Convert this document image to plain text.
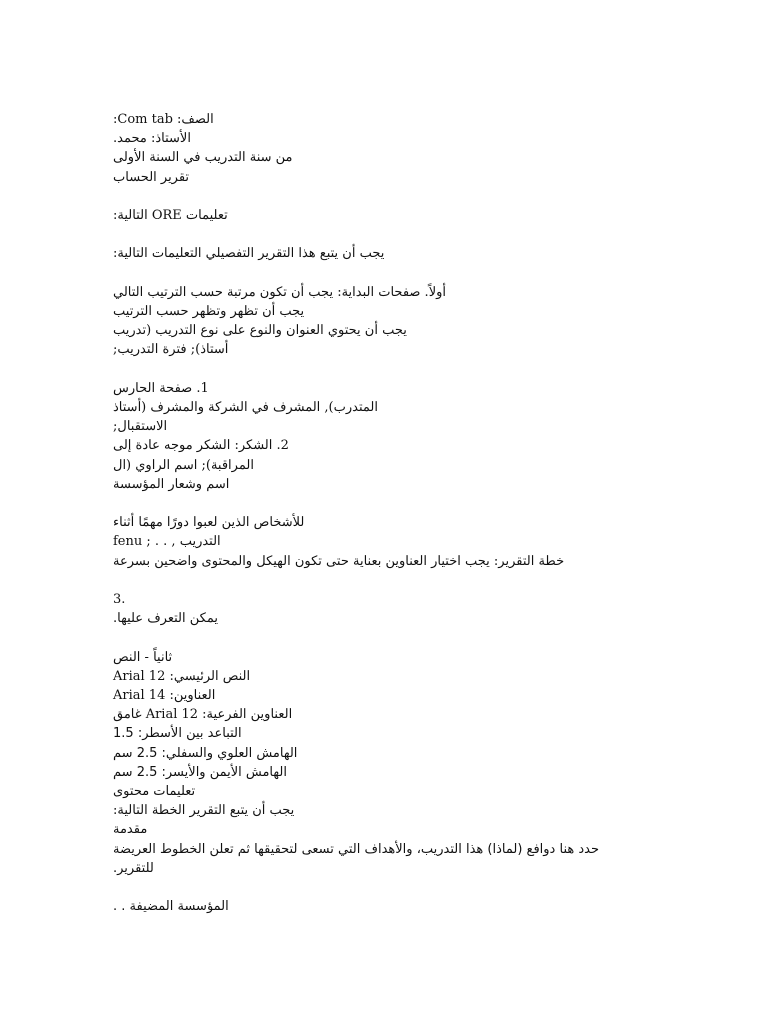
الصف: Com tab:
الأستاذ: محمد.
من سنة التدريب في السنة الأولى
تقرير الحساب
تعليمات ORE التالية:
يجب أن يتبع هذا التقرير التفصيلي التعليمات التالية:
أولاً. صفحات البداية: يجب أن تكون مرتبة حسب الترتيب التالي
يجب أن تظهر وتظهر حسب الترتيب
يجب أن يحتوي العنوان والنوع على نوع التدريب (تدريب
أستاذ); فترة التدريب;
1. صفحة الحارس
المتدرب), المشرف في الشركة والمشرف (أستاذ
الاستقبال;
2. الشكر: الشكر موجه عادة إلى
المراقبة); اسم الراوي (ال
اسم وشعار المؤسسة
للأشخاص الذين لعبوا دورًا مهمًا أثناء
التدريب , . . ; fenu
خطة التقرير: يجب اختيار العناوين بعناية حتى تكون الهيكل والمحتوى واضحين بسرعة
3.
يمكن التعرف عليها.
ثانياً - النص
النص الرئيسي: Arial 12
العناوين: Arial 14
العناوين الفرعية: Arial 12 غامق
التباعد بين الأسطر: 1.5
الهامش العلوي والسفلي: 2.5 سم
الهامش الأيمن والأيسر: 2.5 سم
تعليمات محتوى
يجب أن يتبع التقرير الخطة التالية:
مقدمة
حدد هنا دوافع (لماذا) هذا التدريب، والأهداف التي تسعى لتحقيقها ثم تعلن الخطوط العريضة
للتقرير.
المؤسسة المضيفة . .
